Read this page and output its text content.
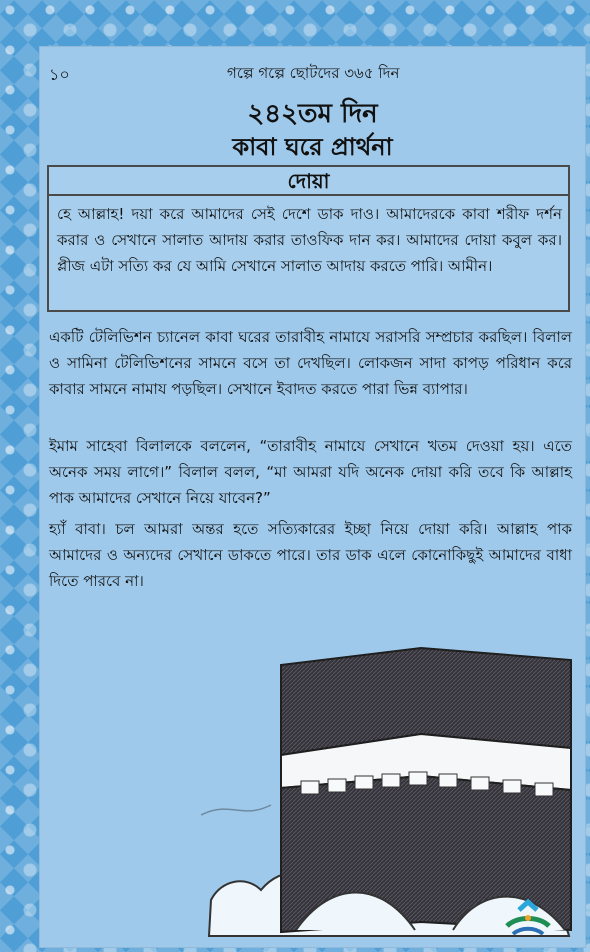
১০	গল্পে গল্পে ছোটদের ৩৬৫ দিন
২৪২তম দিন
কাবা ঘরে প্রার্থনা
দোয়া
হে আল্লাহ! দয়া করে আমাদের সেই দেশে ডাক দাও। আমাদেরকে কাবা শরীফ দর্শন করার ও সেখানে সালাত আদায় করার তাওফিক দান কর। আমাদের দোয়া কবুল কর। প্লীজ এটা সত্যি কর যে আমি সেখানে সালাত আদায় করতে পারি। আমীন।
একটি টেলিভিশন চ্যানেল কাবা ঘরের তারাবীহ নামাযে সরাসরি সম্প্রচার করছিল। বিলাল ও সামিনা টেলিভিশনের সামনে বসে তা দেখছিল। লোকজন সাদা কাপড় পরিধান করে কাবার সামনে নামায পড়ছিল। সেখানে ইবাদত করতে পারা ভিন্ন ব্যাপার।
ইমাম সাহেবা বিলালকে বললেন, “তারাবীহ নামাযে সেখানে খতম দেওয়া হয়। এতে অনেক সময় লাগে।” বিলাল বলল, “মা আমরা যদি অনেক দোয়া করি তবে কি আল্লাহ পাক আমাদের সেখানে নিয়ে যাবেন?”
হ্যাঁ বাবা। চল আমরা অন্তর হতে সত্যিকারের ইচ্ছা নিয়ে দোয়া করি। আল্লাহ পাক আমাদের ও অন্যদের সেখানে ডাকতে পারে। তার ডাক এলে কোনোকিছুই আমাদের বাধা দিতে পারবে না।
